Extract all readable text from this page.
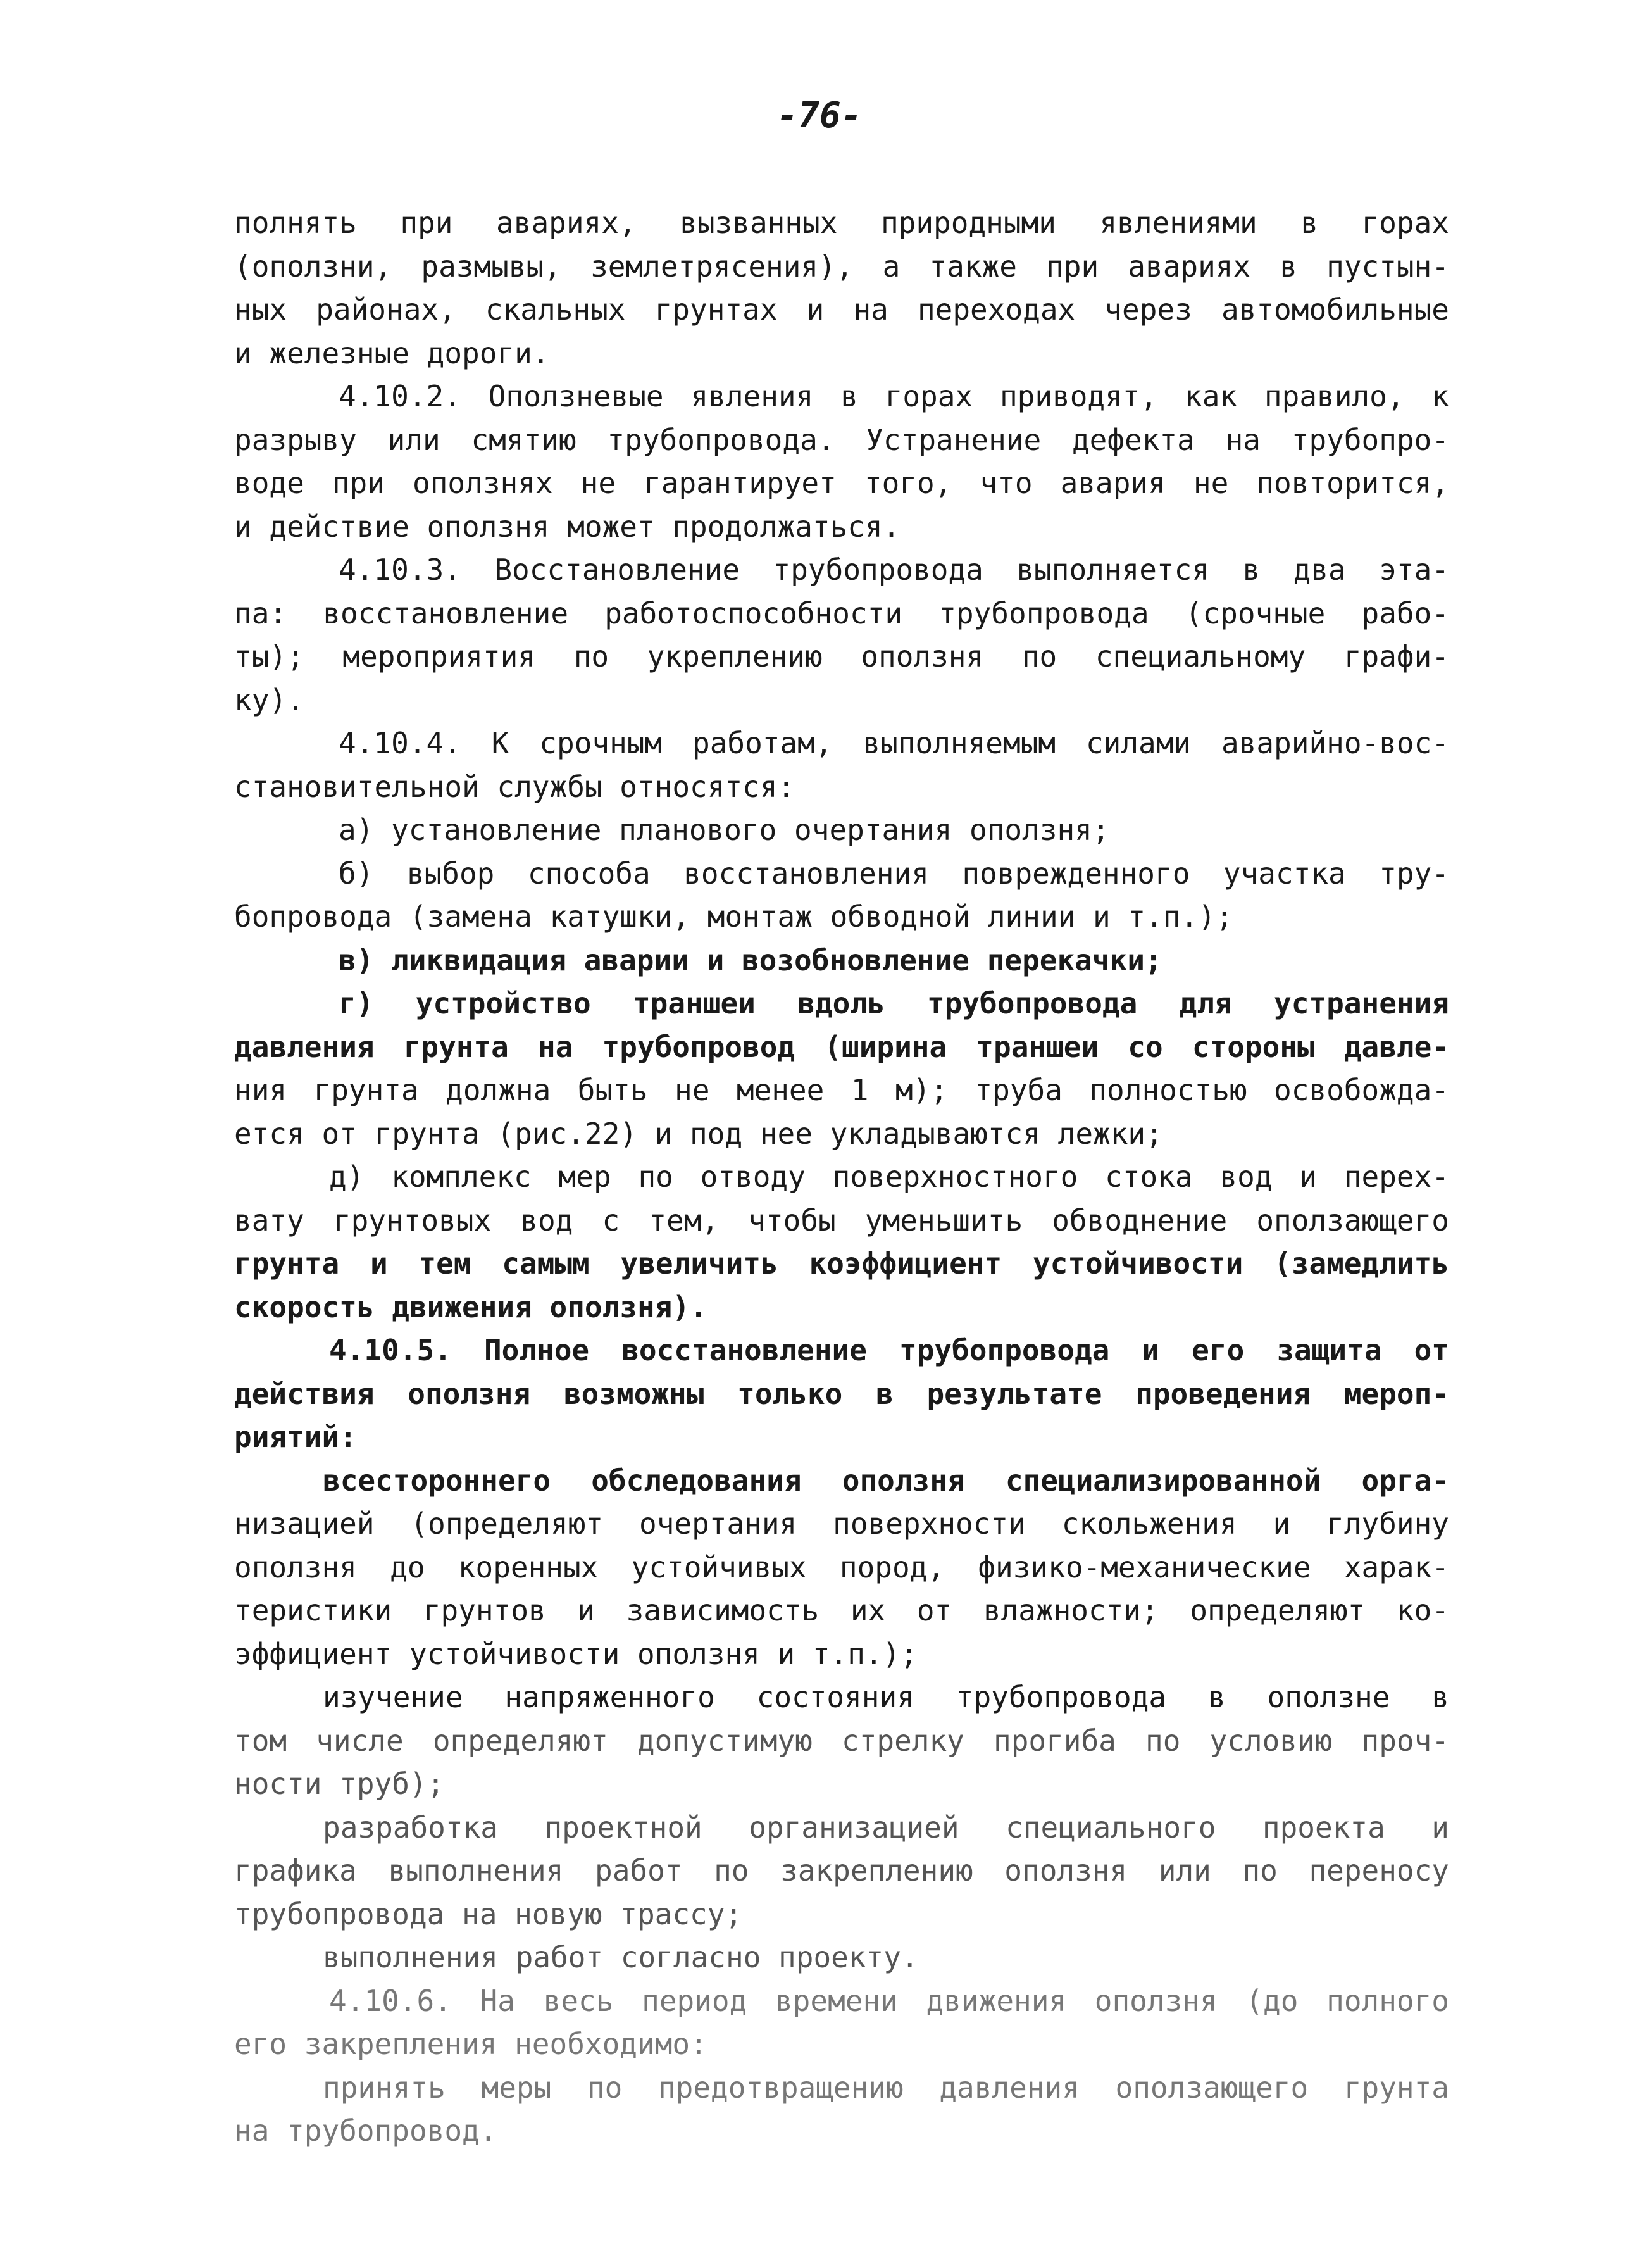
-76-
полнять при авариях, вызванных природными явлениями в горах
(оползни, размывы, землетрясения), а также при авариях в пустын-
ных районах, скальных грунтах и на переходах через автомобильные
и железные дороги.
4.10.2. Оползневые явления в горах приводят, как правило, к
разрыву или смятию трубопровода. Устранение дефекта на трубопро-
воде при оползнях не гарантирует того, что авария не повторится,
и действие оползня может продолжаться.
4.10.3. Восстановление трубопровода выполняется в два эта-
па: восстановление работоспособности трубопровода (срочные рабо-
ты); мероприятия по укреплению оползня по специальному графи-
ку).
4.10.4. К срочным работам, выполняемым силами аварийно-вос-
становительной службы относятся:
а) установление планового очертания оползня;
б) выбор способа восстановления поврежденного участка тру-
бопровода (замена катушки, монтаж обводной линии и т.п.);
в) ликвидация аварии и возобновление перекачки;
г) устройство траншеи вдоль трубопровода для устранения
давления грунта на трубопровод (ширина траншеи со стороны давле-
ния грунта должна быть не менее 1 м); труба полностью освобожда-
ется от грунта (рис.22) и под нее укладываются лежки;
д) комплекс мер по отводу поверхностного стока вод и перех-
вату грунтовых вод с тем, чтобы уменьшить обводнение оползающего
грунта и тем самым увеличить коэффициент устойчивости (замедлить
скорость движения оползня).
4.10.5. Полное восстановление трубопровода и его защита от
действия оползня возможны только в результате проведения мероп-
риятий:
всестороннего обследования оползня специализированной орга-
низацией (определяют очертания поверхности скольжения и глубину
оползня до коренных устойчивых пород, физико-механические харак-
теристики грунтов и зависимость их от влажности; определяют ко-
эффициент устойчивости оползня и т.п.);
изучение напряженного состояния трубопровода в оползне в
том числе определяют допустимую стрелку прогиба по условию проч-
ности труб);
разработка проектной организацией специального проекта и
графика выполнения работ по закреплению оползня или по переносу
трубопровода на новую трассу;
выполнения работ согласно проекту.
4.10.6. На весь период времени движения оползня (до полного
его закрепления необходимо:
принять меры по предотвращению давления оползающего грунта
на трубопровод.
